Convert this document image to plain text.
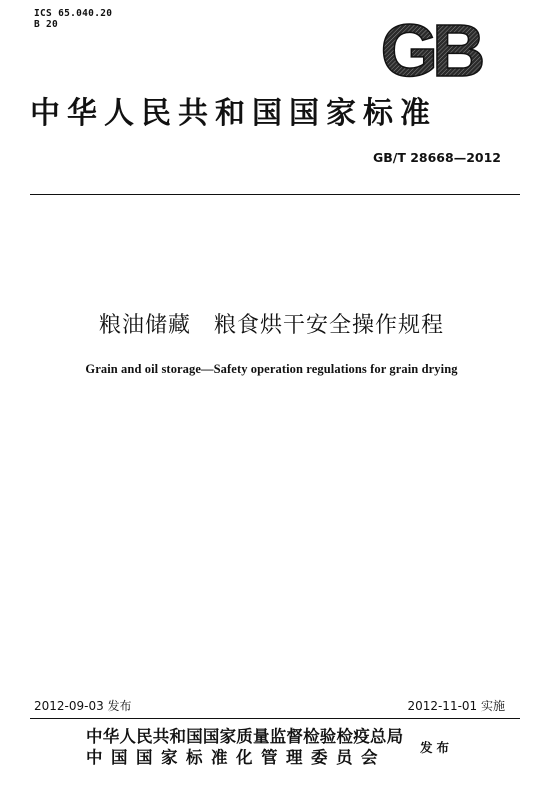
ICS 65.040.20
B 20	GB
中华人民共和国国家标准
GB/T 28668—2012
粮油储藏　粮食烘干安全操作规程
Grain and oil storage—Safety operation regulations for grain drying
2012-09-03 发布	2012-11-01 实施
中华人民共和国国家质量监督检验检疫总局
中国国家标准化管理委员会
发布
